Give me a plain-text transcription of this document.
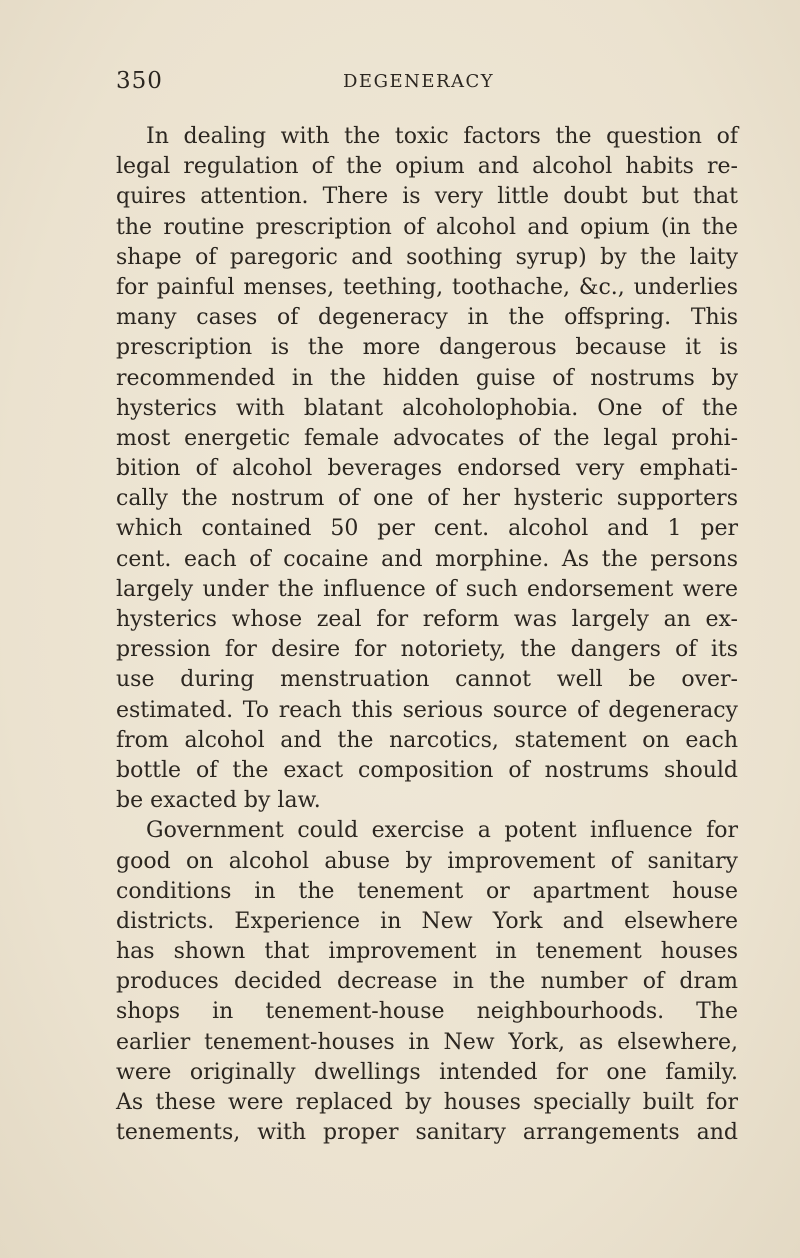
350	DEGENERACY
In dealing with the toxic factors the question of
legal regulation of the opium and alcohol habits re-
quires attention. There is very little doubt but that
the routine prescription of alcohol and opium (in the
shape of paregoric and soothing syrup) by the laity
for painful menses, teething, toothache, &c., underlies
many cases of degeneracy in the offspring. This
prescription is the more dangerous because it is
recommended in the hidden guise of nostrums by
hysterics with blatant alcoholophobia. One of the
most energetic female advocates of the legal prohi-
bition of alcohol beverages endorsed very emphati-
cally the nostrum of one of her hysteric supporters
which contained 50 per cent. alcohol and 1 per
cent. each of cocaine and morphine. As the persons
largely under the influence of such endorsement were
hysterics whose zeal for reform was largely an ex-
pression for desire for notoriety, the dangers of its
use during menstruation cannot well be over-
estimated. To reach this serious source of degeneracy
from alcohol and the narcotics, statement on each
bottle of the exact composition of nostrums should
be exacted by law.
Government could exercise a potent influence for
good on alcohol abuse by improvement of sanitary
conditions in the tenement or apartment house
districts. Experience in New York and elsewhere
has shown that improvement in tenement houses
produces decided decrease in the number of dram
shops in tenement-house neighbourhoods. The
earlier tenement-houses in New York, as elsewhere,
were originally dwellings intended for one family.
As these were replaced by houses specially built for
tenements, with proper sanitary arrangements and
